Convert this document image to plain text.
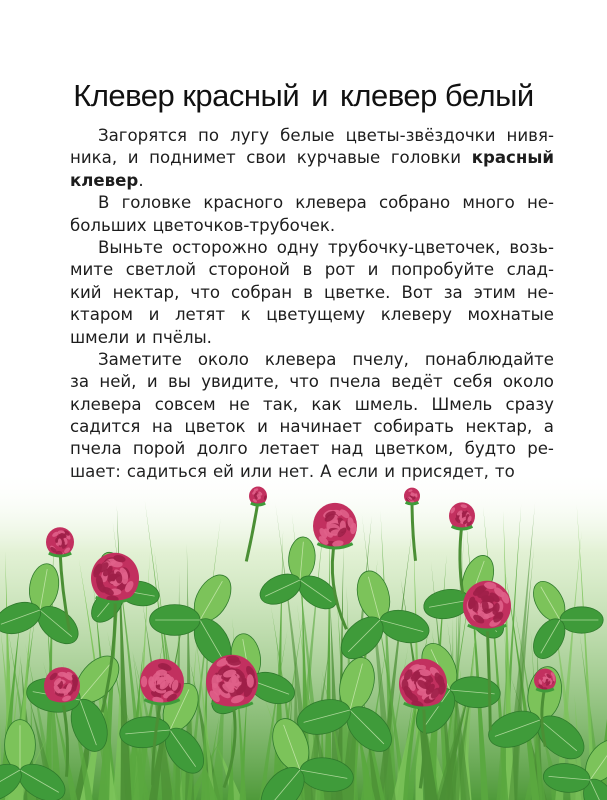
Клевер красный и клевер белый
Загорятся по лугу белые цветы-звёздочки нивя-
ника, и поднимет свои курчавые головки красный
клевер .
В головке красного клевера собрано много не-
больших цветочков-трубочек.
Выньте осторожно одну трубочку-цветочек, возь-
мите светлой стороной в рот и попробуйте слад-
кий нектар, что собран в цветке. Вот за этим не-
ктаром и летят к цветущему клеверу мохнатые
шмели и пчёлы.
Заметите около клевера пчелу, понаблюдайте
за ней, и вы увидите, что пчела ведёт себя около
клевера совсем не так, как шмель. Шмель сразу
садится на цветок и начинает собирать нектар, а
пчела порой долго летает над цветком, будто ре-
